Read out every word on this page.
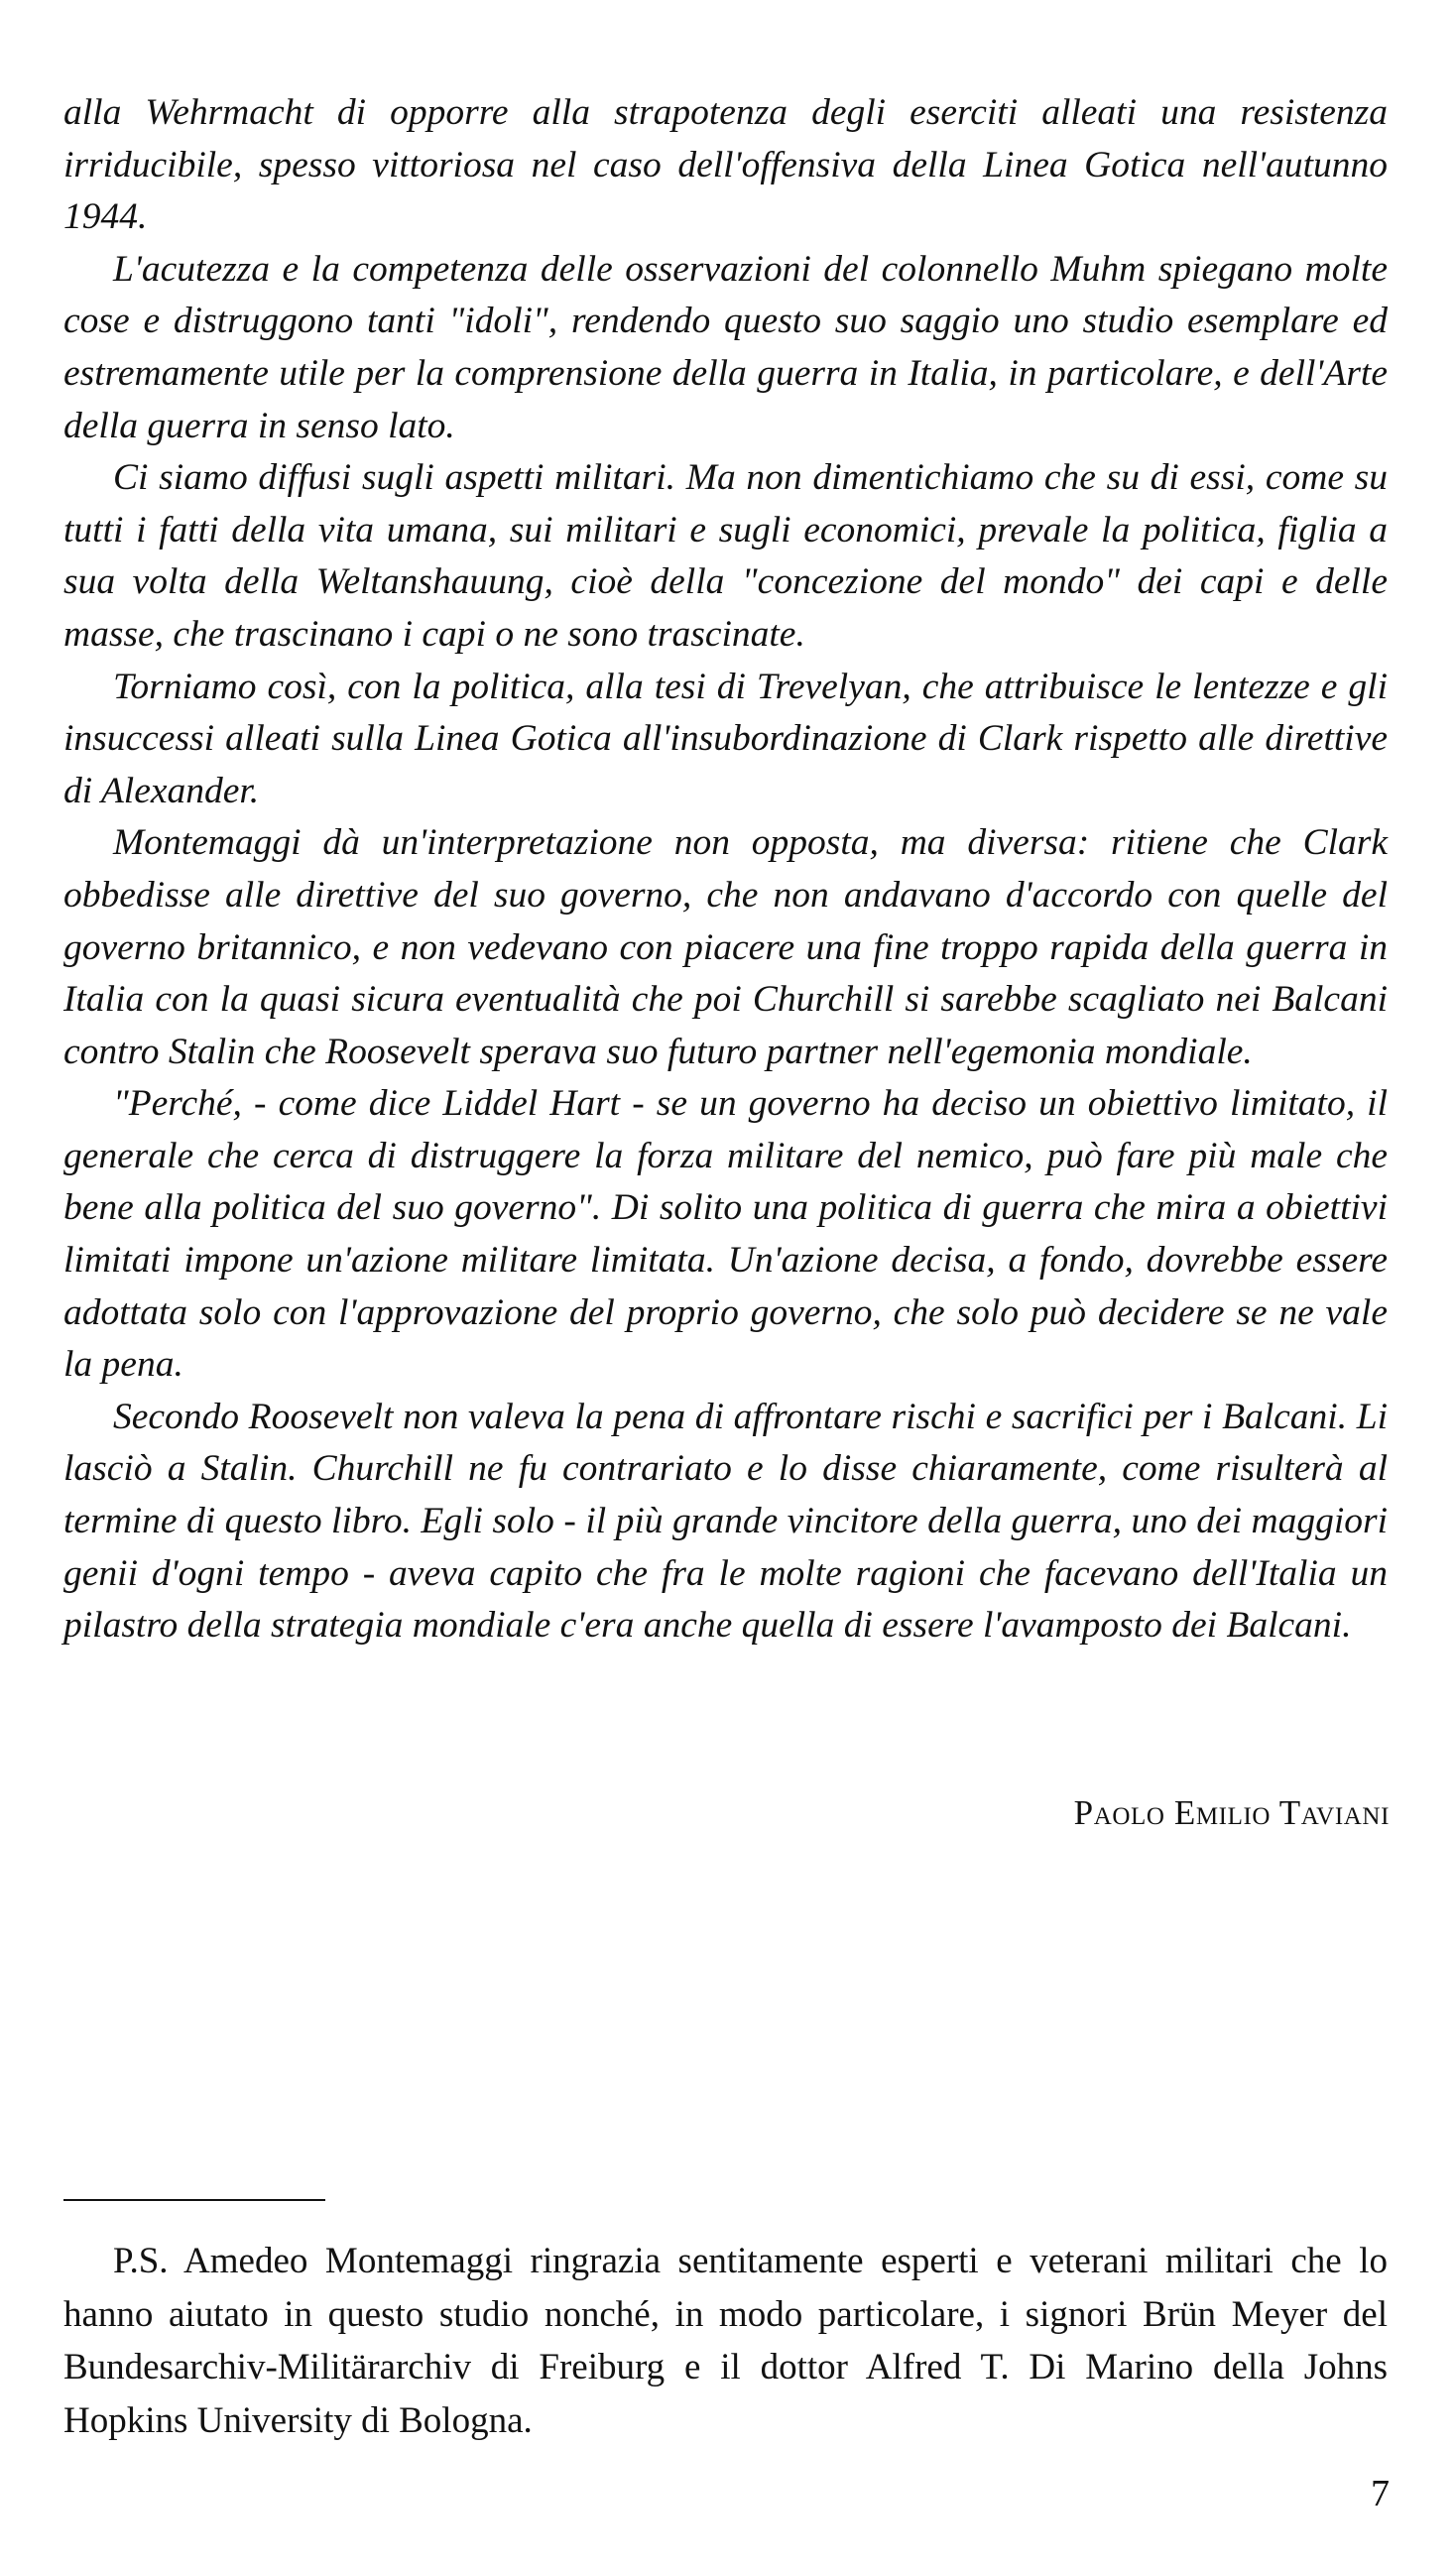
alla Wehrmacht di opporre alla strapotenza degli eserciti alleati una resistenza irriducibile, spesso vittoriosa nel caso dell'offensiva della Linea Gotica nell'autunno 1944.

L'acutezza e la competenza delle osservazioni del colonnello Muhm spiegano molte cose e distruggono tanti "idoli", rendendo questo suo saggio uno studio esemplare ed estremamente utile per la comprensione della guerra in Italia, in particolare, e dell'Arte della guerra in senso lato.

Ci siamo diffusi sugli aspetti militari. Ma non dimentichiamo che su di essi, come su tutti i fatti della vita umana, sui militari e sugli economici, prevale la politica, figlia a sua volta della Weltanshauung, cioè della "concezione del mondo" dei capi e delle masse, che trascinano i capi o ne sono trascinate.

Torniamo così, con la politica, alla tesi di Trevelyan, che attribuisce le lentezze e gli insuccessi alleati sulla Linea Gotica all'insubordinazione di Clark rispetto alle direttive di Alexander.

Montemaggi dà un'interpretazione non opposta, ma diversa: ritiene che Clark obbedisse alle direttive del suo governo, che non andavano d'accordo con quelle del governo britannico, e non vedevano con piacere una fine troppo rapida della guerra in Italia con la quasi sicura eventualità che poi Churchill si sarebbe scagliato nei Balcani contro Stalin che Roosevelt sperava suo futuro partner nell'egemonia mondiale.

"Perché, - come dice Liddel Hart - se un governo ha deciso un obiettivo limitato, il generale che cerca di distruggere la forza militare del nemico, può fare più male che bene alla politica del suo governo". Di solito una politica di guerra che mira a obiettivi limitati impone un'azione militare limitata. Un'azione decisa, a fondo, dovrebbe essere adottata solo con l'approvazione del proprio governo, che solo può decidere se ne vale la pena.

Secondo Roosevelt non valeva la pena di affrontare rischi e sacrifici per i Balcani. Li lasciò a Stalin. Churchill ne fu contrariato e lo disse chiaramente, come risulterà al termine di questo libro. Egli solo - il più grande vincitore della guerra, uno dei maggiori genii d'ogni tempo - aveva capito che fra le molte ragioni che facevano dell'Italia un pilastro della strategia mondiale c'era anche quella di essere l'avamposto dei Balcani.

Paolo Emilio Taviani

P.S. Amedeo Montemaggi ringrazia sentitamente esperti e veterani militari che lo hanno aiutato in questo studio nonché, in modo particolare, i signori Brün Meyer del Bundesarchiv-Militärarchiv di Freiburg e il dottor Alfred T. Di Marino della Johns Hopkins University di Bologna.

7
